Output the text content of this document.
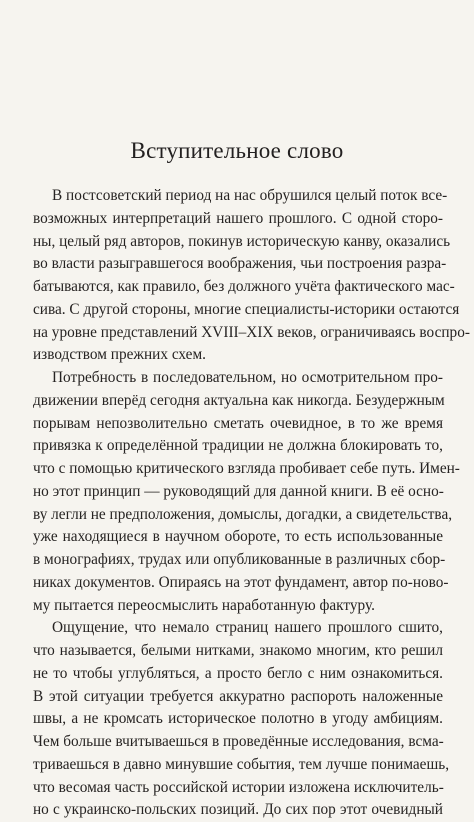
Вступительное слово

В постсоветский период на нас обрушился целый поток все-
возможных интерпретаций нашего прошлого. С одной сторо-
ны, целый ряд авторов, покинув историческую канву, оказались
во власти разыгравшегося воображения, чьи построения разра-
батываются, как правило, без должного учёта фактического мас-
сива. С другой стороны, многие специалисты-историки остаются
на уровне представлений XVIII–XIX веков, ограничиваясь воспро-
изводством прежних схем.

Потребность в последовательном, но осмотрительном про-
движении вперёд сегодня актуальна как никогда. Безудержным
порывам непозволительно сметать очевидное, в то же время
привязка к определённой традиции не должна блокировать то,
что с помощью критического взгляда пробивает себе путь. Имен-
но этот принцип — руководящий для данной книги. В её осно-
ву легли не предположения, домыслы, догадки, а свидетельства,
уже находящиеся в научном обороте, то есть использованные
в монографиях, трудах или опубликованные в различных сбор-
никах документов. Опираясь на этот фундамент, автор по-ново-
му пытается переосмыслить наработанную фактуру.

Ощущение, что немало страниц нашего прошлого сшито,
что называется, белыми нитками, знакомо многим, кто решил
не то чтобы углубляться, а просто бегло с ним ознакомиться.
В этой ситуации требуется аккуратно распороть наложенные
швы, а не кромсать историческое полотно в угоду амбициям.
Чем больше вчитываешься в проведённые исследования, всма-
триваешься в давно минувшие события, тем лучше понимаешь,
что весомая часть российской истории изложена исключитель-
но с украинско-польских позиций. До сих пор этот очевидный
